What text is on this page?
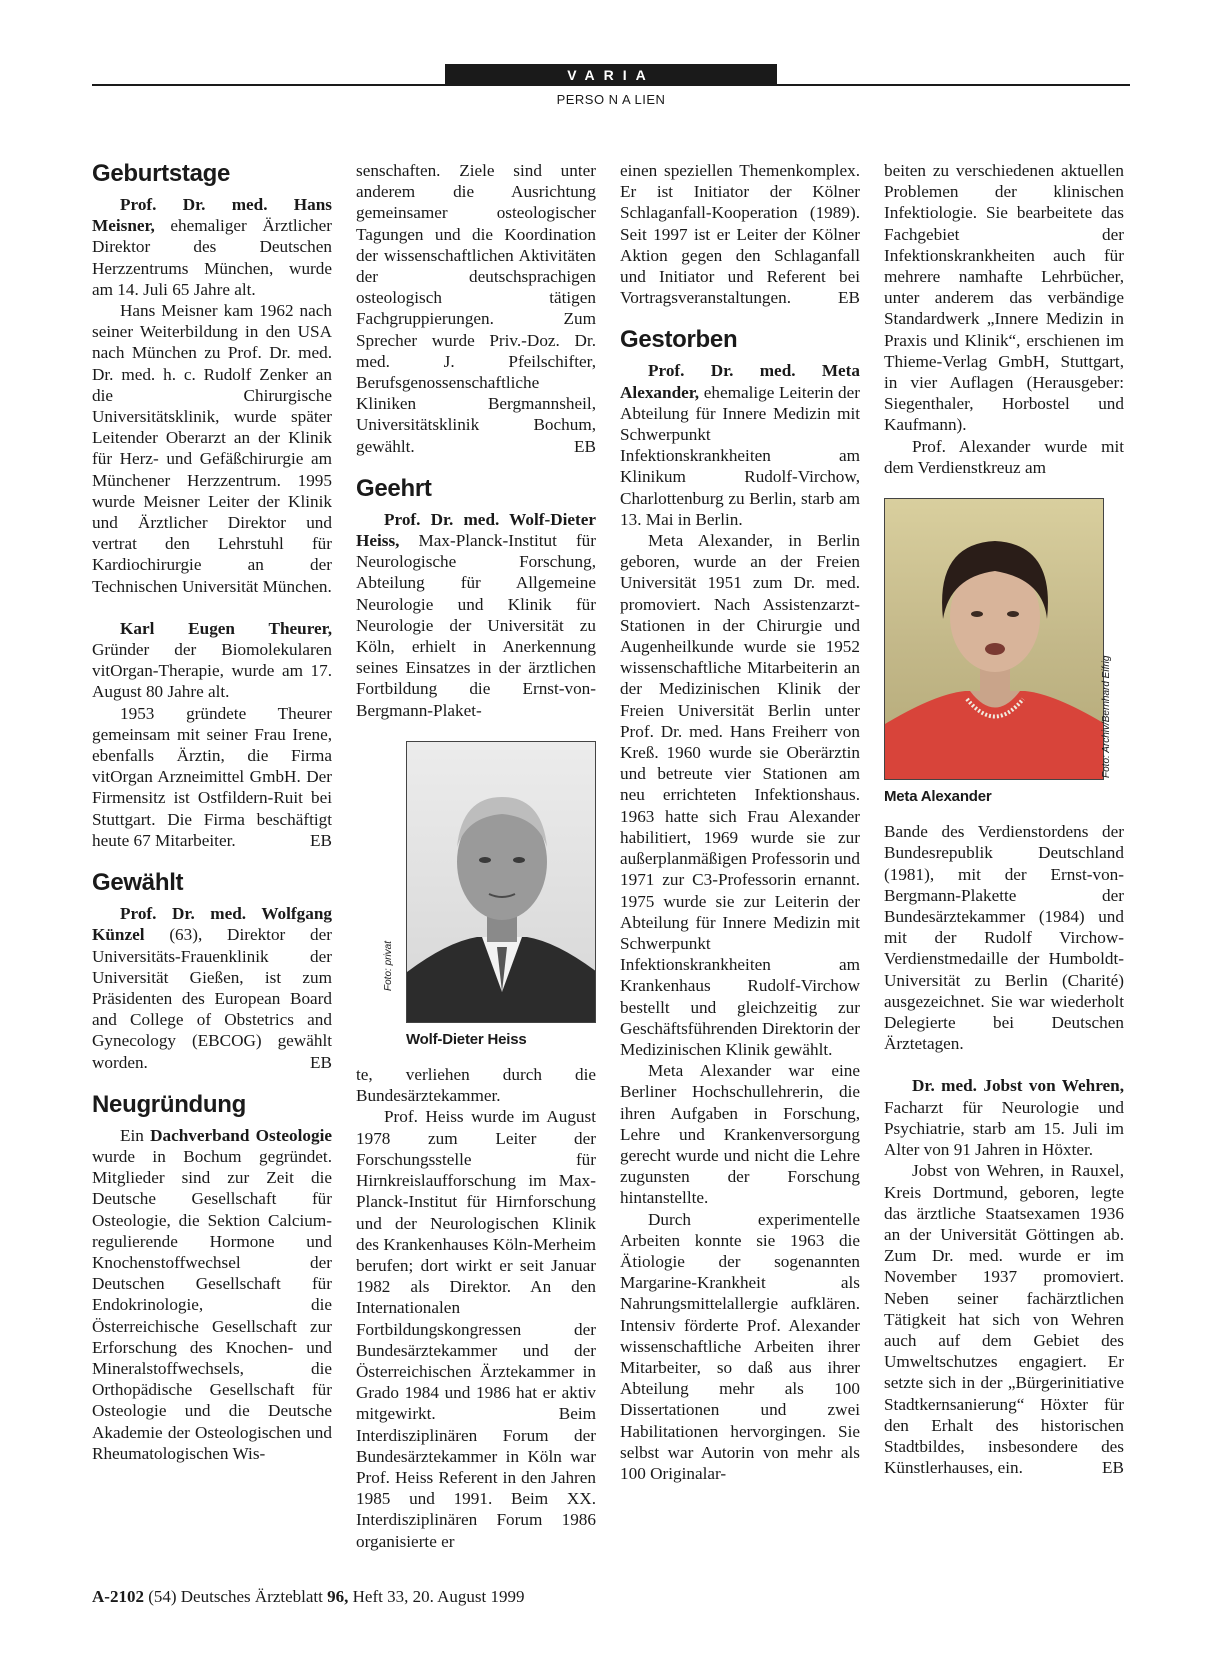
VARIA
PERSO N A LIEN
Geburtstage

Prof. Dr. med. Hans Meisner, ehemaliger Ärztlicher Direktor des Deutschen Herzzentrums München, wurde am 14. Juli 65 Jahre alt.

Hans Meisner kam 1962 nach seiner Weiterbildung in den USA nach München zu Prof. Dr. med. Dr. med. h. c. Rudolf Zenker an die Chirurgische Universitätsklinik, wurde später Leitender Oberarzt an der Klinik für Herz- und Gefäßchirurgie am Münchener Herzzentrum. 1995 wurde Meisner Leiter der Klinik und Ärztlicher Direktor und vertrat den Lehrstuhl für Kardiochirurgie an der Technischen Universität München.

Karl Eugen Theurer, Gründer der Biomolekularen vitOrgan-Therapie, wurde am 17. August 80 Jahre alt.

1953 gründete Theurer gemeinsam mit seiner Frau Irene, ebenfalls Ärztin, die Firma vitOrgan Arzneimittel GmbH. Der Firmensitz ist Ostfildern-Ruit bei Stuttgart. Die Firma beschäftigt heute 67 Mitarbeiter.	EB

Gewählt

Prof. Dr. med. Wolfgang Künzel (63), Direktor der Universitäts-Frauenklinik der Universität Gießen, ist zum Präsidenten des European Board and College of Obstetrics and Gynecology (EBCOG) gewählt worden.	EB

Neugründung

Ein Dachverband Osteologie wurde in Bochum gegründet. Mitglieder sind zur Zeit die Deutsche Gesellschaft für Osteologie, die Sektion Calcium-regulierende Hormone und Knochenstoffwechsel der Deutschen Gesellschaft für Endokrinologie, die Österreichische Gesellschaft zur Erforschung des Knochen- und Mineralstoffwechsels, die Orthopädische Gesellschaft für Osteologie und die Deutsche Akademie der Osteologischen und Rheumatologischen Wis-

senschaften. Ziele sind unter anderem die Ausrichtung gemeinsamer osteologischer Tagungen und die Koordination der wissenschaftlichen Aktivitäten der deutschsprachigen osteologisch tätigen Fachgruppierungen. Zum Sprecher wurde Priv.-Doz. Dr. med. J. Pfeilschifter, Berufsgenossenschaftliche Kliniken Bergmannsheil, Universitätsklinik Bochum, gewählt.	EB

Geehrt

Prof. Dr. med. Wolf-Dieter Heiss, Max-Planck-Institut für Neurologische Forschung, Abteilung für Allgemeine Neurologie und Klinik für Neurologie der Universität zu Köln, erhielt in Anerkennung seines Einsatzes in der ärztlichen Fortbildung die Ernst-von-Bergmann-Plaket-

Foto: privat
Wolf-Dieter Heiss

te, verliehen durch die Bundesärztekammer.

Prof. Heiss wurde im August 1978 zum Leiter der Forschungsstelle für Hirnkreislaufforschung im Max-Planck-Institut für Hirnforschung und der Neurologischen Klinik des Krankenhauses Köln-Merheim berufen; dort wirkt er seit Januar 1982 als Direktor. An den Internationalen Fortbildungskongressen der Bundesärztekammer und der Österreichischen Ärztekammer in Grado 1984 und 1986 hat er aktiv mitgewirkt. Beim Interdisziplinären Forum der Bundesärztekammer in Köln war Prof. Heiss Referent in den Jahren 1985 und 1991. Beim XX. Interdisziplinären Forum 1986 organisierte er

einen speziellen Themenkomplex. Er ist Initiator der Kölner Schlaganfall-Kooperation (1989). Seit 1997 ist er Leiter der Kölner Aktion gegen den Schlaganfall und Initiator und Referent bei Vortragsveranstaltungen.	EB

Gestorben

Prof. Dr. med. Meta Alexander, ehemalige Leiterin der Abteilung für Innere Medizin mit Schwerpunkt Infektionskrankheiten am Klinikum Rudolf-Virchow, Charlottenburg zu Berlin, starb am 13. Mai in Berlin.

Meta Alexander, in Berlin geboren, wurde an der Freien Universität 1951 zum Dr. med. promoviert. Nach Assistenzarzt-Stationen in der Chirurgie und Augenheilkunde wurde sie 1952 wissenschaftliche Mitarbeiterin an der Medizinischen Klinik der Freien Universität Berlin unter Prof. Dr. med. Hans Freiherr von Kreß. 1960 wurde sie Oberärztin und betreute vier Stationen am neu errichteten Infektionshaus. 1963 hatte sich Frau Alexander habilitiert, 1969 wurde sie zur außerplanmäßigen Professorin und 1971 zur C3-Professorin ernannt. 1975 wurde sie zur Leiterin der Abteilung für Innere Medizin mit Schwerpunkt Infektionskrankheiten am Krankenhaus Rudolf-Virchow bestellt und gleichzeitig zur Geschäftsführenden Direktorin der Medizinischen Klinik gewählt.

Meta Alexander war eine Berliner Hochschullehrerin, die ihren Aufgaben in Forschung, Lehre und Krankenversorgung gerecht wurde und nicht die Lehre zugunsten der Forschung hintanstellte.

Durch experimentelle Arbeiten konnte sie 1963 die Ätiologie der sogenannten Margarine-Krankheit als Nahrungsmittelallergie aufklären. Intensiv förderte Prof. Alexander wissenschaftliche Arbeiten ihrer Mitarbeiter, so daß aus ihrer Abteilung mehr als 100 Dissertationen und zwei Habilitationen hervorgingen. Sie selbst war Autorin von mehr als 100 Originalar-

beiten zu verschiedenen aktuellen Problemen der klinischen Infektiologie. Sie bearbeitete das Fachgebiet der Infektionskrankheiten auch für mehrere namhafte Lehrbücher, unter anderem das verbändige Standardwerk „Innere Medizin in Praxis und Klinik“, erschienen im Thieme-Verlag GmbH, Stuttgart, in vier Auflagen (Herausgeber: Siegenthaler, Horbostel und Kaufmann).

Prof. Alexander wurde mit dem Verdienstkreuz am

Foto: Archiv/Bernhard Eifrig
Meta Alexander

Bande des Verdienstordens der Bundesrepublik Deutschland (1981), mit der Ernst-von-Bergmann-Plakette der Bundesärztekammer (1984) und mit der Rudolf Virchow-Verdienstmedaille der Humboldt-Universität zu Berlin (Charité) ausgezeichnet. Sie war wiederholt Delegierte bei Deutschen Ärztetagen.

Dr. med. Jobst von Wehren, Facharzt für Neurologie und Psychiatrie, starb am 15. Juli im Alter von 91 Jahren in Höxter.

Jobst von Wehren, in Rauxel, Kreis Dortmund, geboren, legte das ärztliche Staatsexamen 1936 an der Universität Göttingen ab. Zum Dr. med. wurde er im November 1937 promoviert. Neben seiner fachärztlichen Tätigkeit hat sich von Wehren auch auf dem Gebiet des Umweltschutzes engagiert. Er setzte sich in der „Bürgerinitiative Stadtkernsanierung“ Höxter für den Erhalt des historischen Stadtbildes, insbesondere des Künstlerhauses, ein.	EB

A-2102 (54) Deutsches Ärzteblatt 96, Heft 33, 20. August 1999
